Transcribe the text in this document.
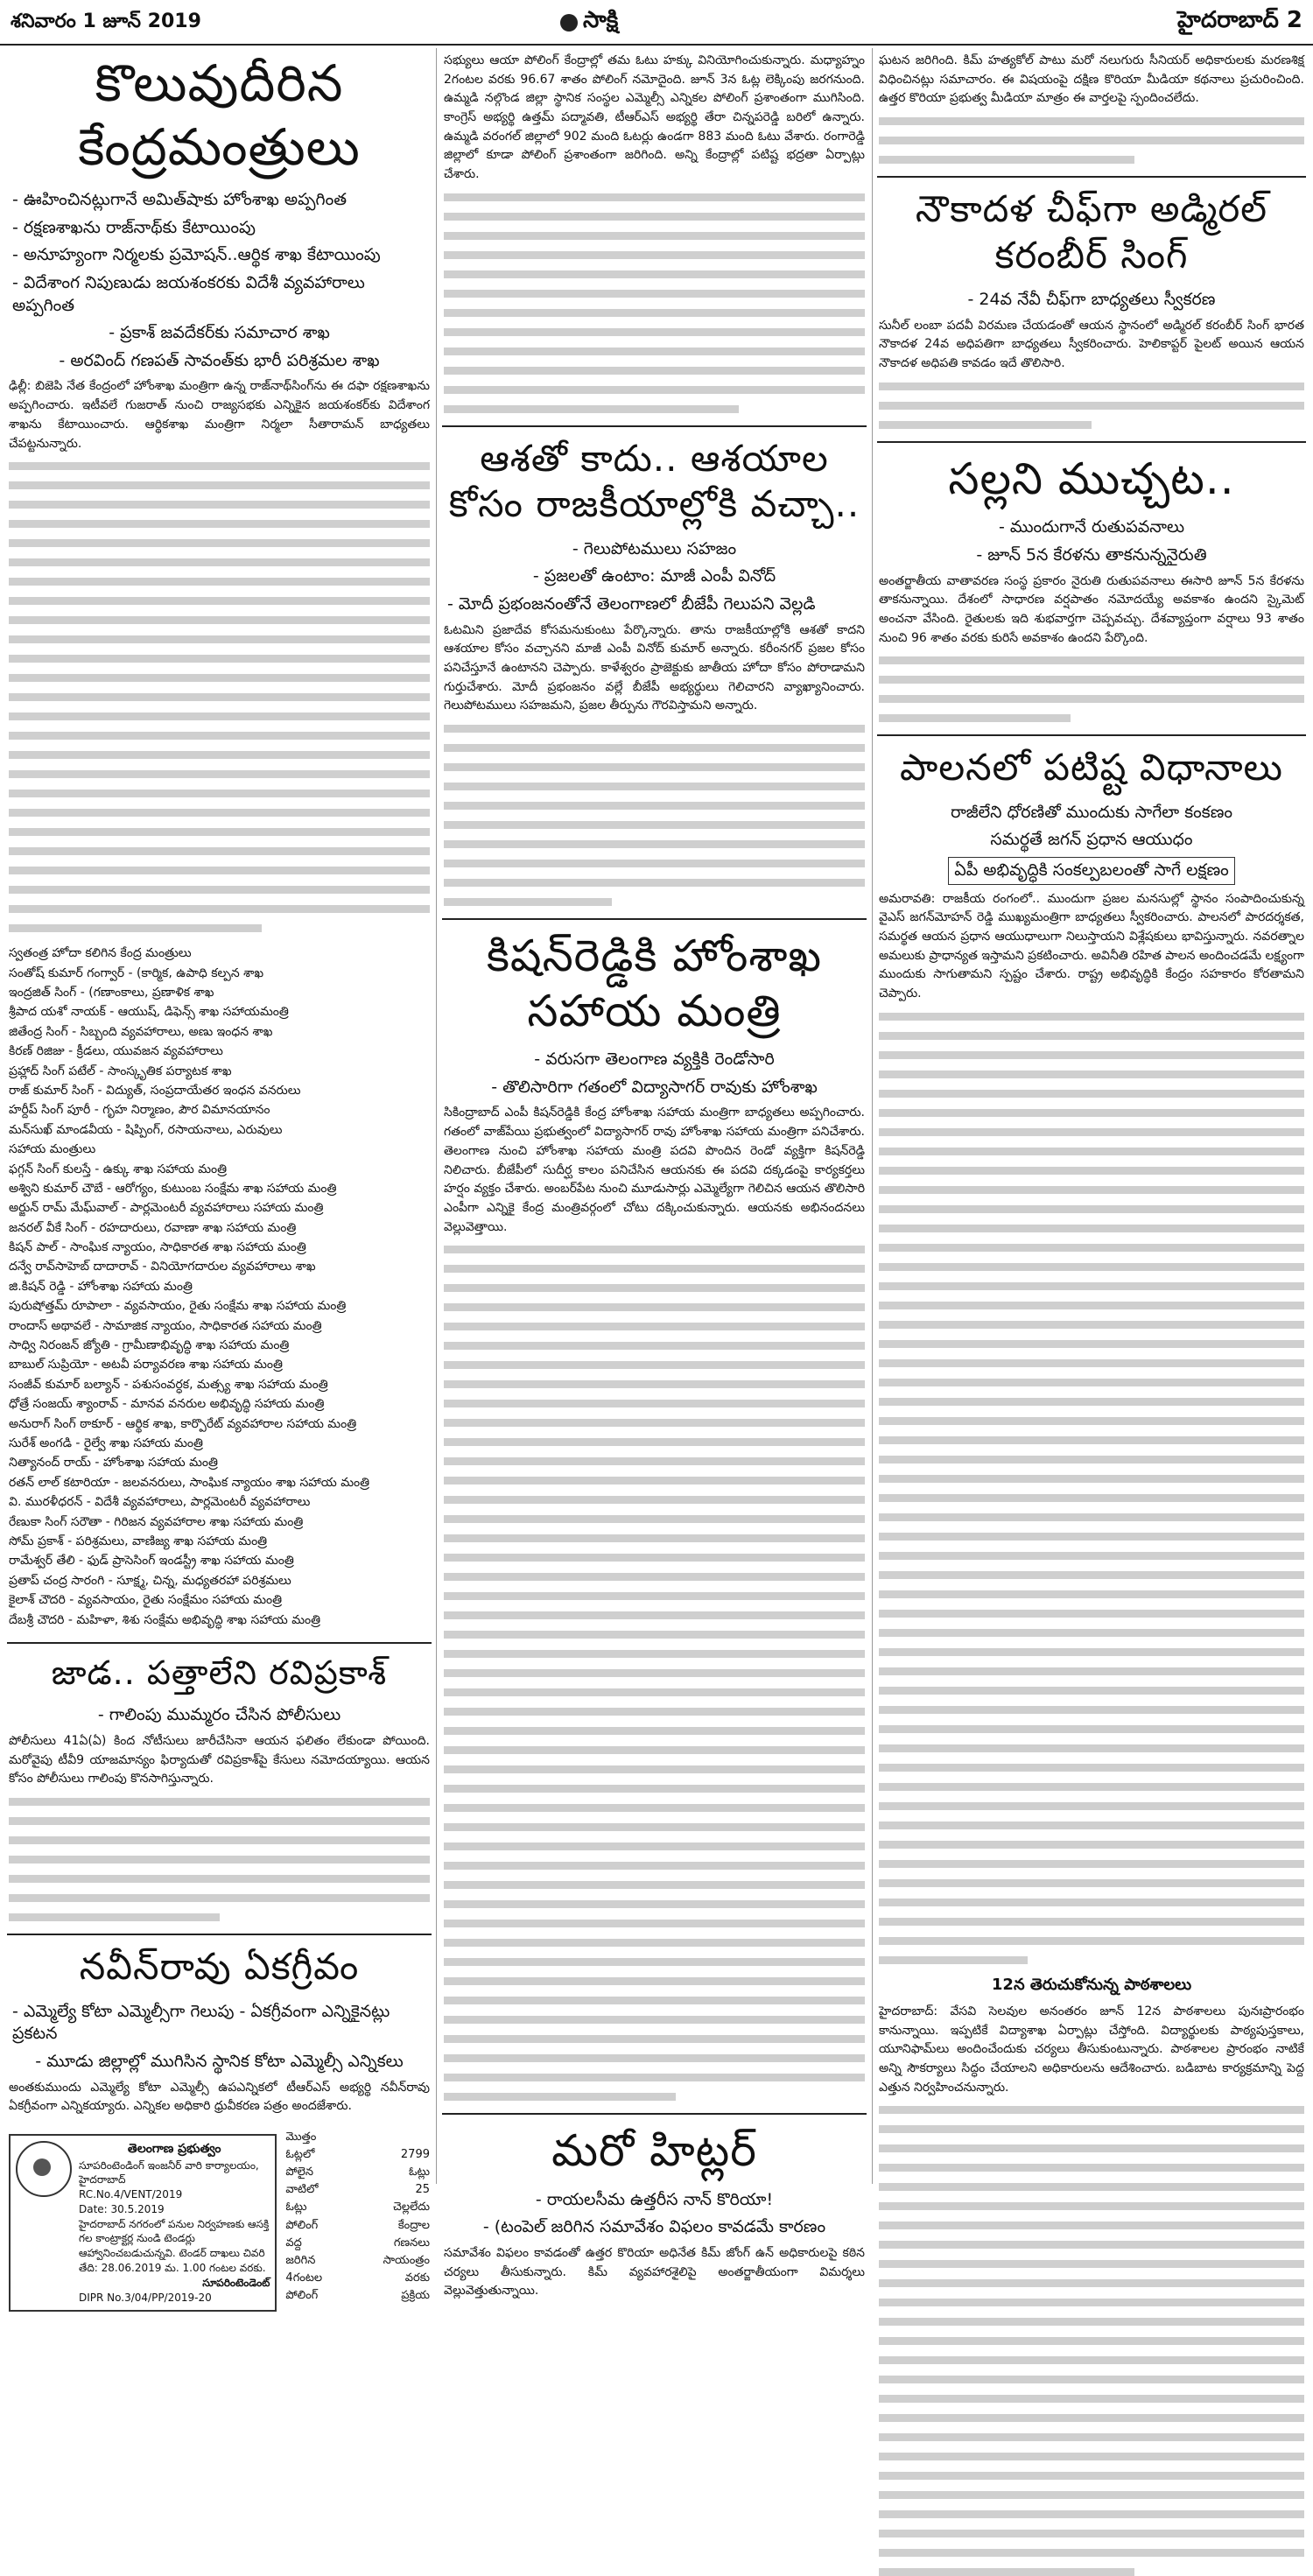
శనివారం 1 జూన్ 2019	సాక్షి	హైదరాబాద్ 2
కొలువుదీరిన కేంద్రమంత్రులు
- ఊహించినట్లుగానే అమిత్‌షాకు హోంశాఖ అప్పగింత
- రక్షణశాఖను రాజ్‌నాథ్‌కు కేటాయింపు
- అనూహ్యంగా నిర్మలకు ప్రమోషన్..ఆర్థిక శాఖ కేటాయింపు
- విదేశాంగ నిపుణుడు జయశంకరకు విదేశీ వ్యవహారాలు అప్పగింత
- ప్రకాశ్ జవదేకర్‌కు సమాచార శాఖ
- అరవింద్ గణపత్ సావంత్‌కు భారీ పరిశ్రమల శాఖ
ఢిల్లీ: బిజెపి నేత కేంద్రంలో హోంశాఖ మంత్రిగా ఉన్న రాజ్‌నాథ్‌సింగ్‌ను ఈ దఫా రక్షణశాఖను అప్పగించారు. ఇటీవలే గుజరాత్ నుంచి రాజ్యసభకు ఎన్నికైన జయశంకర్‌కు విదేశాంగ శాఖను కేటాయించారు. ఆర్థికశాఖ మంత్రిగా నిర్మలా సీతారామన్‌ బాధ్యతలు చేపట్టనున్నారు.
స్వతంత్ర హోదా కలిగిన కేంద్ర మంత్రులు
సంతోష్ కుమార్ గంగ్వార్ - (కార్మిక, ఉపాధి కల్పన శాఖ
ఇంద్రజిత్ సింగ్ - (గణాంకాలు, ప్రణాళిక శాఖ
శ్రీపాద యశో నాయక్ - ఆయుష్, డిఫెన్స్ శాఖ సహాయమంత్రి
జితేంద్ర సింగ్ - సిబ్బంది వ్యవహారాలు, అణు ఇంధన శాఖ
కిరణ్ రిజిజు - క్రీడలు, యువజన వ్యవహారాలు
ప్రహ్లాద్ సింగ్ పటేల్ - సాంస్కృతిక పర్యాటక శాఖ
రాజ్ కుమార్ సింగ్ - విద్యుత్, సంప్రదాయేతర ఇంధన వనరులు
హర్దీప్ సింగ్ పూరీ - గృహ నిర్మాణం, పౌర విమానయానం
మన్‌సుఖ్ మాండవీయ - షిప్పింగ్, రసాయనాలు, ఎరువులు
సహాయ మంత్రులు
ఫగ్గన్ సింగ్ కులస్తే - ఉక్కు శాఖ సహాయ మంత్రి
అశ్విని కుమార్ చౌబే - ఆరోగ్యం, కుటుంబ సంక్షేమ శాఖ సహాయ మంత్రి
అర్జున్ రామ్ మేఘ్‌వాల్ - పార్లమెంటరీ వ్యవహారాలు సహాయ మంత్రి
జనరల్ వీకే సింగ్ - రహదారులు, రవాణా శాఖ సహాయ మంత్రి
కిషన్ పాల్ - సాంఘిక న్యాయం, సాధికారత శాఖ సహాయ మంత్రి
దన్వే రావ్‌సాహెబ్ దాదారావ్ - వినియోగదారుల వ్యవహారాలు శాఖ
జి.కిషన్ రెడ్డి - హోంశాఖ సహాయ మంత్రి
పురుషోత్తమ్ రూపాలా - వ్యవసాయం, రైతు సంక్షేమ శాఖ సహాయ మంత్రి
రాందాస్ అథావలే - సామాజిక న్యాయం, సాధికారత సహాయ మంత్రి
సాధ్వి నిరంజన్ జ్యోతి - గ్రామీణాభివృద్ధి శాఖ సహాయ మంత్రి
బాబుల్ సుప్రియో - అటవీ పర్యావరణ శాఖ సహాయ మంత్రి
సంజీవ్ కుమార్ బల్యాన్ - పశుసంవర్ధక, మత్స్య శాఖ సహాయ మంత్రి
ధోత్రే సంజయ్ శ్యాంరావ్ - మానవ వనరుల అభివృద్ధి సహాయ మంత్రి
అనురాగ్ సింగ్ ఠాకూర్ - ఆర్థిక శాఖ, కార్పొరేట్ వ్యవహారాల సహాయ మంత్రి
సురేశ్ అంగడి - రైల్వే శాఖ సహాయ మంత్రి
నిత్యానంద్ రాయ్ - హోంశాఖ సహాయ మంత్రి
రతన్ లాల్ కటారియా - జలవనరులు, సాంఘిక న్యాయం శాఖ సహాయ మంత్రి
వి. మురళీధరన్ - విదేశీ వ్యవహారాలు, పార్లమెంటరీ వ్యవహారాలు
రేణుకా సింగ్ సరౌతా - గిరిజన వ్యవహారాల శాఖ సహాయ మంత్రి
సోమ్ ప్రకాశ్ - పరిశ్రమలు, వాణిజ్య శాఖ సహాయ మంత్రి
రామేశ్వర్ తేలి - ఫుడ్ ప్రాసెసింగ్ ఇండస్ట్రీ శాఖ సహాయ మంత్రి
ప్రతాప్ చంద్ర సారంగి - సూక్ష్మ, చిన్న, మధ్యతరహా పరిశ్రమలు
కైలాశ్ చౌదరి - వ్యవసాయం, రైతు సంక్షేమం సహాయ మంత్రి
దేబశ్రీ చౌదరి - మహిళా, శిశు సంక్షేమ అభివృద్ధి శాఖ సహాయ మంత్రి
జాడ.. పత్తాలేని రవిప్రకాశ్
- గాలింపు ముమ్మరం చేసిన పోలీసులు
పోలీసులు 41ఏ(ఏ) కింద నోటీసులు జారీచేసినా ఆయన ఫలితం లేకుండా పోయింది. మరోవైపు టీవీ9 యాజమాన్యం ఫిర్యాదుతో రవిప్రకాశ్‌పై కేసులు నమోదయ్యాయి. ఆయన కోసం పోలీసులు గాలింపు కొనసాగిస్తున్నారు.
నవీన్‌రావు ఏకగ్రీవం
- ఎమ్మెల్యే కోటా ఎమ్మెల్సీగా గెలుపు - ఏకగ్రీవంగా ఎన్నికైనట్లు ప్రకటన
- మూడు జిల్లాల్లో ముగిసిన స్థానిక కోటా ఎమ్మెల్సీ ఎన్నికలు
అంతకుముందు ఎమ్మెల్యే కోటా ఎమ్మెల్సీ ఉపఎన్నికలో టీఆర్ఎస్ అభ్యర్థి నవీన్‌రావు ఏకగ్రీవంగా ఎన్నికయ్యారు. ఎన్నికల అధికారి ధ్రువీకరణ పత్రం అందజేశారు.
తెలంగాణ ప్రభుత్వం
సూపరింటెండింగ్ ఇంజనీర్ వారి కార్యాలయం, హైదరాబాద్
RC.No.4/VENT/2019
Date: 30.5.2019
హైదరాబాద్ నగరంలో పనుల నిర్వహణకు ఆసక్తి గల కాంట్రాక్టర్ల నుండి టెండర్లు ఆహ్వానించబడుచున్నవి. టెండర్ దాఖలు చివరి తేది: 28.06.2019 మ. 1.00 గంటల వరకు.
సూపరింటెండెంట్
DIPR No.3/04/PP/2019-20
మొత్తం
ఓట్లలో	2799
పోలైన	ఓట్లు
వాటిలో	25
ఓట్లు	చెల్లలేదు
పోలింగ్	కేంద్రాల
వద్ద	గణనలు
జరిగిన	సాయంత్రం
4గంటల	వరకు
పోలింగ్	ప్రక్రియ
సభ్యులు ఆయా పోలింగ్ కేంద్రాల్లో తమ ఓటు హక్కు వినియోగించుకున్నారు. మధ్యాహ్నం 2గంటల వరకు 96.67 శాతం పోలింగ్ నమోదైంది. జూన్ 3న ఓట్ల లెక్కింపు జరగనుంది. ఉమ్మడి నల్గొండ జిల్లా స్థానిక సంస్థల ఎమ్మెల్సీ ఎన్నికల పోలింగ్ ప్రశాంతంగా ముగిసింది. కాంగ్రెస్ అభ్యర్థి ఉత్తమ్ పద్మావతి, టీఆర్ఎస్ అభ్యర్థి తేరా చిన్నపరెడ్డి బరిలో ఉన్నారు. ఉమ్మడి వరంగల్ జిల్లాలో 902 మంది ఓటర్లు ఉండగా 883 మంది ఓటు వేశారు. రంగారెడ్డి జిల్లాలో కూడా పోలింగ్ ప్రశాంతంగా జరిగింది. అన్ని కేంద్రాల్లో పటిష్ట భద్రతా ఏర్పాట్లు చేశారు.
ఆశతో కాదు.. ఆశయాల కోసం రాజకీయాల్లోకి వచ్చా..
- గెలుపోటములు సహజం
- ప్రజలతో ఉంటాం: మాజీ ఎంపీ వినోద్
- మోదీ ప్రభంజనంతోనే తెలంగాణలో బీజేపీ గెలుపని వెల్లడి
ఓటమిని ప్రజాదేవ కోసమనుకుంటు పేర్కొన్నారు. తాను రాజకీయాల్లోకి ఆశతో కాదని ఆశయాల కోసం వచ్చానని మాజీ ఎంపీ వినోద్ కుమార్ అన్నారు. కరీంనగర్ ప్రజల కోసం పనిచేస్తూనే ఉంటానని చెప్పారు. కాళేశ్వరం ప్రాజెక్టుకు జాతీయ హోదా కోసం పోరాడామని గుర్తుచేశారు. మోదీ ప్రభంజనం వల్లే బీజేపీ అభ్యర్థులు గెలిచారని వ్యాఖ్యానించారు. గెలుపోటములు సహజమని, ప్రజల తీర్పును గౌరవిస్తామని అన్నారు.
కిషన్‌రెడ్డికి హోంశాఖ సహాయ మంత్రి
- వరుసగా తెలంగాణ వ్యక్తికి రెండోసారి
- తొలిసారిగా గతంలో విద్యాసాగర్ రావుకు హోంశాఖ
సికింద్రాబాద్ ఎంపీ కిషన్‌రెడ్డికి కేంద్ర హోంశాఖ సహాయ మంత్రిగా బాధ్యతలు అప్పగించారు. గతంలో వాజ్‌పేయి ప్రభుత్వంలో విద్యాసాగర్ రావు హోంశాఖ సహాయ మంత్రిగా పనిచేశారు. తెలంగాణ నుంచి హోంశాఖ సహాయ మంత్రి పదవి పొందిన రెండో వ్యక్తిగా కిషన్‌రెడ్డి నిలిచారు. బీజేపీలో సుదీర్ఘ కాలం పనిచేసిన ఆయనకు ఈ పదవి దక్కడంపై కార్యకర్తలు హర్షం వ్యక్తం చేశారు. అంబర్‌పేట నుంచి మూడుసార్లు ఎమ్మెల్యేగా గెలిచిన ఆయన తొలిసారి ఎంపీగా ఎన్నికై కేంద్ర మంత్రివర్గంలో చోటు దక్కించుకున్నారు. ఆయనకు అభినందనలు వెల్లువెత్తాయి.
మరో హిట్లర్
- రాయలసీమ ఉత్తరీస నాన్ కొరియా!
- (టంపెల్ జరిగిన సమావేశం విఫలం కావడమే కారణం
సమావేశం విఫలం కావడంతో ఉత్తర కొరియా అధినేత కిమ్ జోంగ్ ఉన్ అధికారులపై కఠిన చర్యలు తీసుకున్నారు. కిమ్ వ్యవహారశైలిపై అంతర్జాతీయంగా విమర్శలు వెల్లువెత్తుతున్నాయి.
ఘటన జరిగింది. కిమ్ హత్యకోల్ పాటు మరో నలుగురు సీనియర్ అధికారులకు మరణశిక్ష విధించినట్లు సమాచారం. ఈ విషయంపై దక్షిణ కొరియా మీడియా కథనాలు ప్రచురించింది. ఉత్తర కొరియా ప్రభుత్వ మీడియా మాత్రం ఈ వార్తలపై స్పందించలేదు.
నౌకాదళ చీఫ్‌గా అడ్మిరల్ కరంబీర్ సింగ్
- 24వ నేవీ చీఫ్‌గా బాధ్యతలు స్వీకరణ
సునీల్ లంబా పదవీ విరమణ చేయడంతో ఆయన స్థానంలో అడ్మిరల్ కరంబీర్ సింగ్ భారత నౌకాదళ 24వ అధిపతిగా బాధ్యతలు స్వీకరించారు. హెలికాప్టర్ పైలట్ అయిన ఆయన నౌకాదళ అధిపతి కావడం ఇదే తొలిసారి.
సల్లని ముచ్చట..
- ముందుగానే రుతుపవనాలు
- జూన్ 5న కేరళను తాకనున్ననైరుతి
అంతర్జాతీయ వాతావరణ సంస్థ ప్రకారం నైరుతి రుతుపవనాలు ఈసారి జూన్ 5న కేరళను తాకనున్నాయి. దేశంలో సాధారణ వర్షపాతం నమోదయ్యే అవకాశం ఉందని స్కైమెట్ అంచనా వేసింది. రైతులకు ఇది శుభవార్తగా చెప్పవచ్చు. దేశవ్యాప్తంగా వర్షాలు 93 శాతం నుంచి 96 శాతం వరకు కురిసే అవకాశం ఉందని పేర్కొంది.
పాలనలో పటిష్ట విధానాలు
రాజీలేని ధోరణితో ముందుకు సాగేలా కంకణం
సమర్థతే జగన్ ప్రధాన ఆయుధం
ఏపీ అభివృద్ధికి సంకల్పబలంతో సాగే లక్షణం
అమరావతి: రాజకీయ రంగంలో.. ముందుగా ప్రజల మనసుల్లో స్థానం సంపాదించుకున్న వైఎస్ జగన్‌మోహన్ రెడ్డి ముఖ్యమంత్రిగా బాధ్యతలు స్వీకరించారు. పాలనలో పారదర్శకత, సమర్థత ఆయన ప్రధాన ఆయుధాలుగా నిలుస్తాయని విశ్లేషకులు భావిస్తున్నారు. నవరత్నాల అమలుకు ప్రాధాన్యత ఇస్తామని ప్రకటించారు. అవినీతి రహిత పాలన అందించడమే లక్ష్యంగా ముందుకు సాగుతామని స్పష్టం చేశారు. రాష్ట్ర అభివృద్ధికి కేంద్రం సహకారం కోరతామని చెప్పారు.
12న తెరుచుకోనున్న పాఠశాలలు
హైదరాబాద్: వేసవి సెలవుల అనంతరం జూన్ 12న పాఠశాలలు పునఃప్రారంభం కానున్నాయి. ఇప్పటికే విద్యాశాఖ ఏర్పాట్లు చేస్తోంది. విద్యార్థులకు పాఠ్యపుస్తకాలు, యూనిఫామ్‌లు అందించేందుకు చర్యలు తీసుకుంటున్నారు. పాఠశాలల ప్రారంభం నాటికే అన్ని సౌకర్యాలు సిద్ధం చేయాలని అధికారులను ఆదేశించారు. బడిబాట కార్యక్రమాన్ని పెద్ద ఎత్తున నిర్వహించనున్నారు.
